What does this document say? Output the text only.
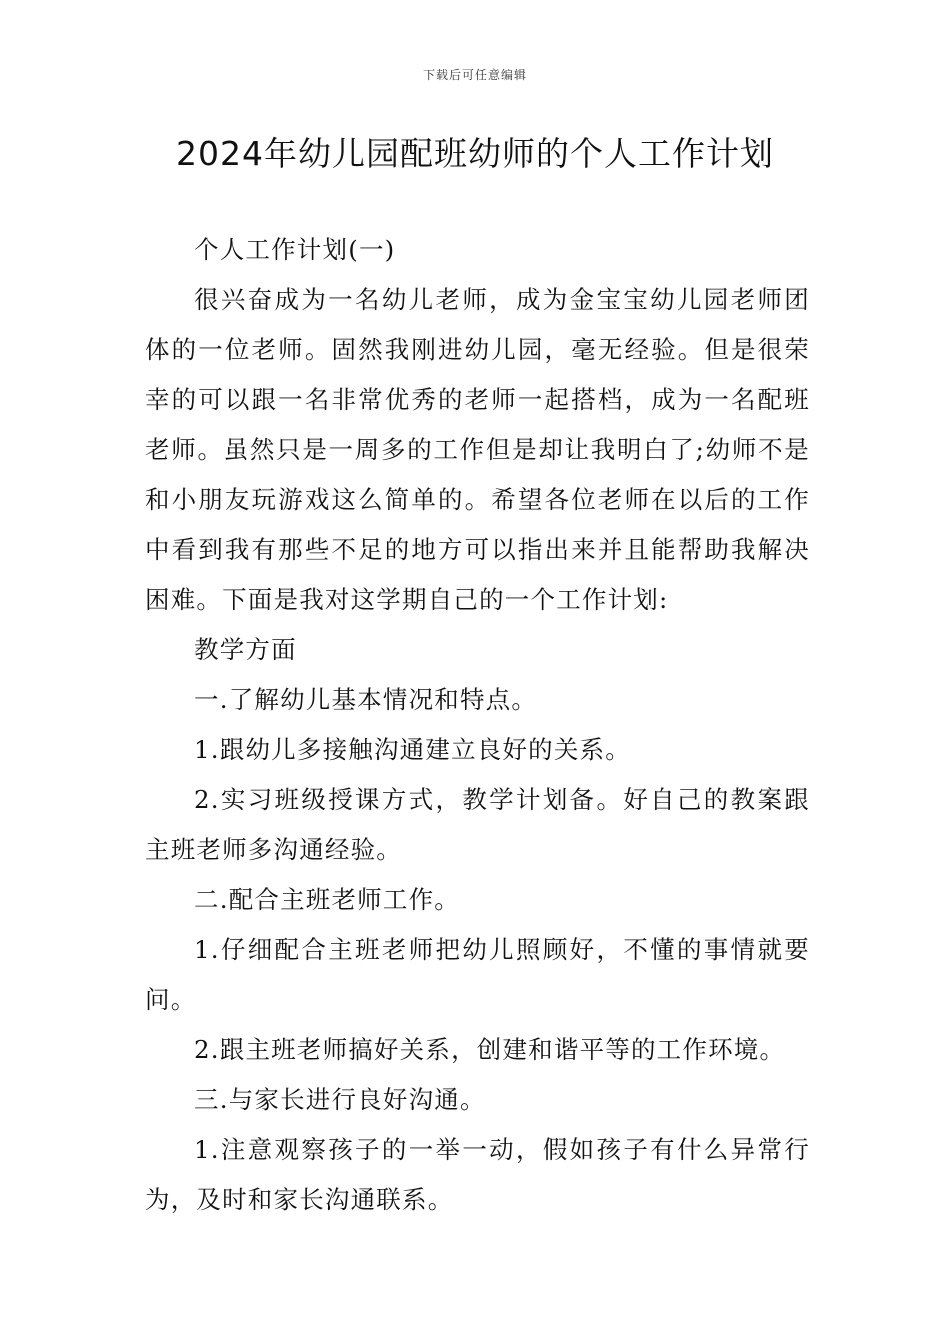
下载后可任意编辑
2024年幼儿园配班幼师的个人工作计划

个人工作计划(一)

很兴奋成为一名幼儿老师，成为金宝宝幼儿园老师团体的一位老师。固然我刚进幼儿园，毫无经验。但是很荣幸的可以跟一名非常优秀的老师一起搭档，成为一名配班老师。虽然只是一周多的工作但是却让我明白了;幼师不是和小朋友玩游戏这么简单的。希望各位老师在以后的工作中看到我有那些不足的地方可以指出来并且能帮助我解决困难。下面是我对这学期自己的一个工作计划:

教学方面

一.了解幼儿基本情况和特点。

1.跟幼儿多接触沟通建立良好的关系。

2.实习班级授课方式，教学计划备。好自己的教案跟主班老师多沟通经验。

二.配合主班老师工作。

1.仔细配合主班老师把幼儿照顾好，不懂的事情就要问。

2.跟主班老师搞好关系，创建和谐平等的工作环境。

三.与家长进行良好沟通。

1.注意观察孩子的一举一动，假如孩子有什么异常行为，及时和家长沟通联系。
